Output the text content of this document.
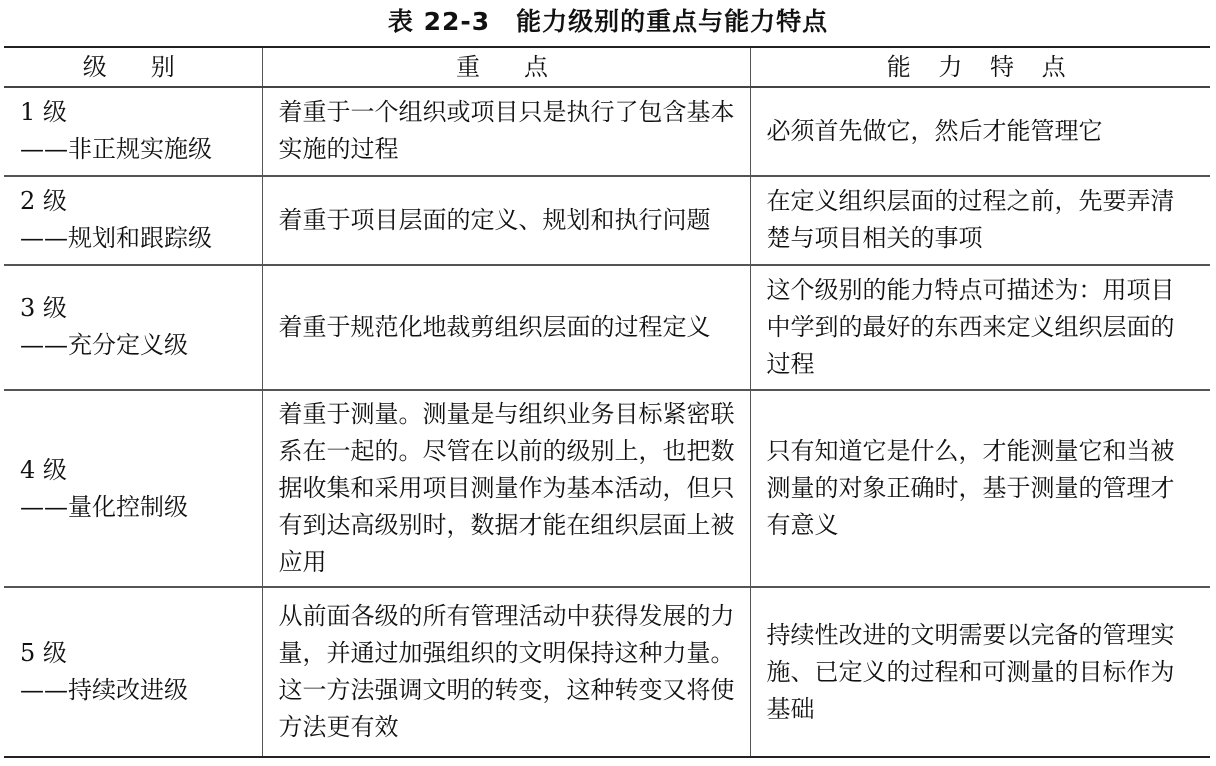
表 22-3　能力级别的重点与能力特点
级　别	重　点	能 力 特 点

1 级
——非正规实施级	着重于一个组织或项目只是执行了包含基本实施的过程	必须首先做它，然后才能管理它

2 级
——规划和跟踪级	着重于项目层面的定义、规划和执行问题	在定义组织层面的过程之前，先要弄清楚与项目相关的事项

3 级
——充分定义级	着重于规范化地裁剪组织层面的过程定义	这个级别的能力特点可描述为：用项目中学到的最好的东西来定义组织层面的过程

4 级
——量化控制级	着重于测量。测量是与组织业务目标紧密联系在一起的。尽管在以前的级别上，也把数据收集和采用项目测量作为基本活动，但只有到达高级别时，数据才能在组织层面上被应用	只有知道它是什么，才能测量它和当被测量的对象正确时，基于测量的管理才有意义

5 级
——持续改进级	从前面各级的所有管理活动中获得发展的力量，并通过加强组织的文明保持这种力量。这一方法强调文明的转变，这种转变又将使方法更有效	持续性改进的文明需要以完备的管理实施、已定义的过程和可测量的目标作为基础
